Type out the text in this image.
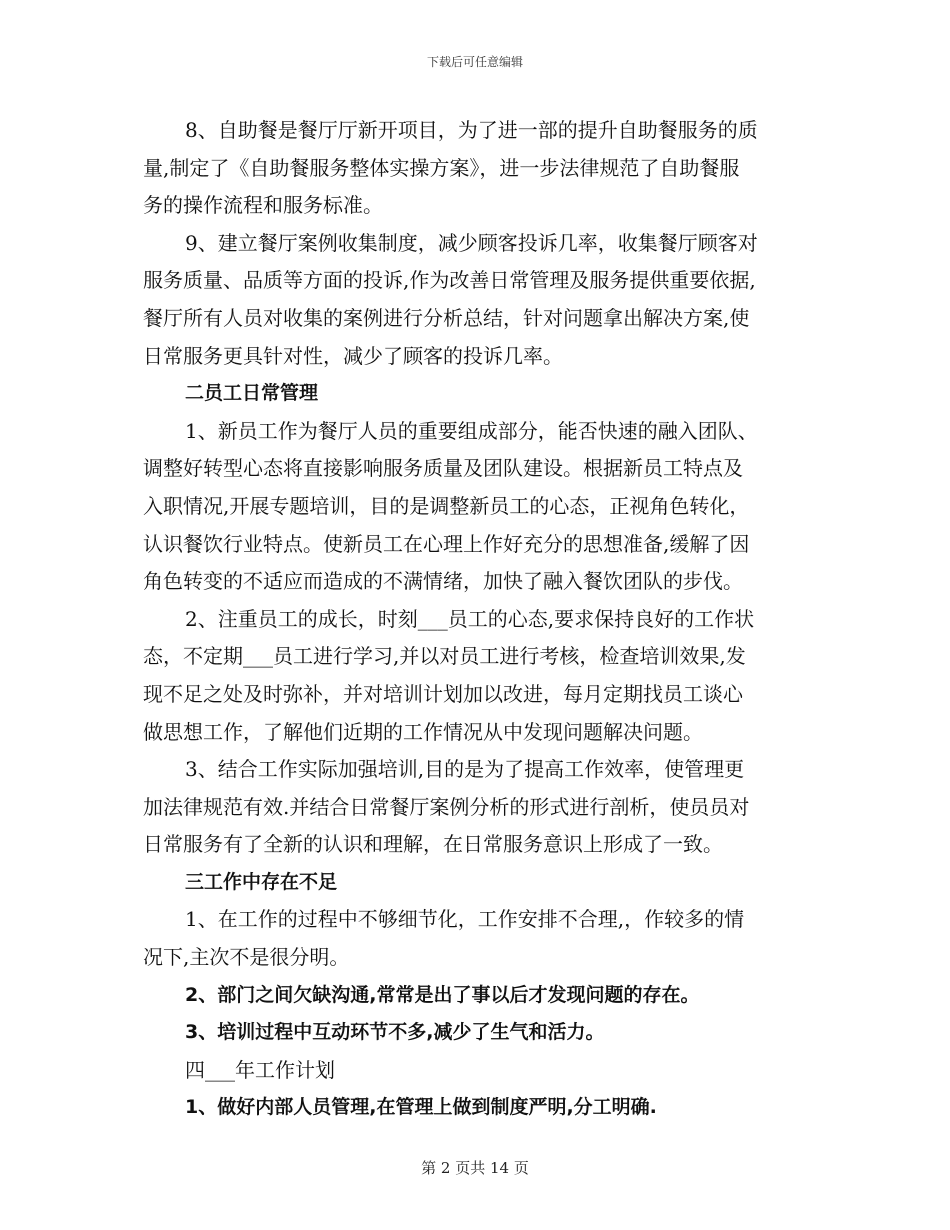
下载后可任意编辑
8、自助餐是餐厅厅新开项目，为了进一部的提升自助餐服务的质
量,制定了《自助餐服务整体实操方案》，进一步法律规范了自助餐服
务的操作流程和服务标准。
9、建立餐厅案例收集制度，减少顾客投诉几率，收集餐厅顾客对
服务质量、品质等方面的投诉,作为改善日常管理及服务提供重要依据,
餐厅所有人员对收集的案例进行分析总结，针对问题拿出解决方案,使
日常服务更具针对性，减少了顾客的投诉几率。
二员工日常管理
1、新员工作为餐厅人员的重要组成部分，能否快速的融入团队、
调整好转型心态将直接影响服务质量及团队建设。根据新员工特点及
入职情况,开展专题培训，目的是调整新员工的心态，正视角色转化，
认识餐饮行业特点。使新员工在心理上作好充分的思想准备,缓解了因
角色转变的不适应而造成的不满情绪，加快了融入餐饮团队的步伐。
2、注重员工的成长，时刻___员工的心态,要求保持良好的工作状
态，不定期___员工进行学习,并以对员工进行考核，检查培训效果,发
现不足之处及时弥补，并对培训计划加以改进，每月定期找员工谈心
做思想工作，了解他们近期的工作情况从中发现问题解决问题。
3、结合工作实际加强培训,目的是为了提高工作效率，使管理更
加法律规范有效.并结合日常餐厅案例分析的形式进行剖析，使员员对
日常服务有了全新的认识和理解，在日常服务意识上形成了一致。
三工作中存在不足
1、在工作的过程中不够细节化，工作安排不合理,，作较多的情
况下,主次不是很分明。
2、部门之间欠缺沟通,常常是出了事以后才发现问题的存在。
3、培训过程中互动环节不多,减少了生气和活力。
四___年工作计划
1、做好内部人员管理,在管理上做到制度严明,分工明确.
第 2 页共 14 页
